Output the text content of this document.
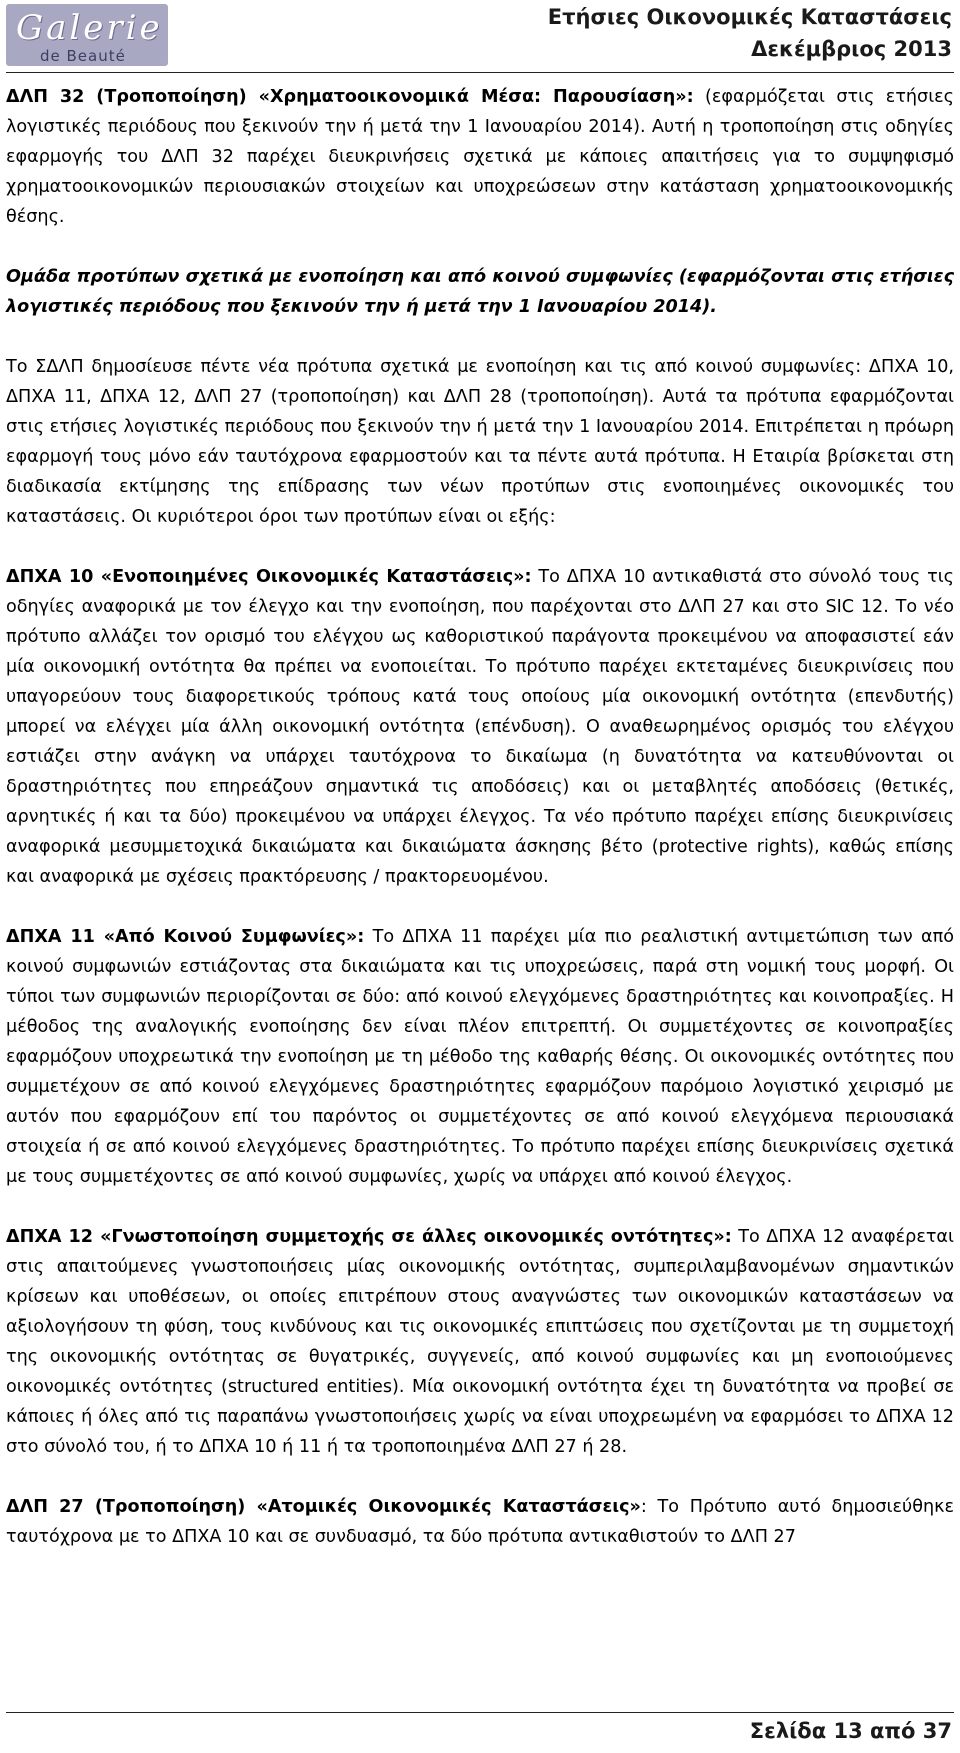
Galerie
de Beauté
Ετήσιες Οικονομικές Καταστάσεις
Δεκέμβριος 2013

ΔΛΠ 32 (Τροποποίηση) «Χρηματοοικονομικά Μέσα: Παρουσίαση»: (εφαρμόζεται στις ετήσιες λογιστικές περιόδους που ξεκινούν την ή μετά την 1 Ιανουαρίου 2014). Αυτή η τροποποίηση στις οδηγίες εφαρμογής του ΔΛΠ 32 παρέχει διευκρινήσεις σχετικά με κάποιες απαιτήσεις για το συμψηφισμό χρηματοοικονομικών περιουσιακών στοιχείων και υποχρεώσεων στην κατάσταση χρηματοοικονομικής θέσης.

Ομάδα προτύπων σχετικά με ενοποίηση και από κοινού συμφωνίες (εφαρμόζονται στις ετήσιες λογιστικές περιόδους που ξεκινούν την ή μετά την 1 Ιανουαρίου 2014).

Το ΣΔΛΠ δημοσίευσε πέντε νέα πρότυπα σχετικά με ενοποίηση και τις από κοινού συμφωνίες: ΔΠΧΑ 10, ΔΠΧΑ 11, ΔΠΧΑ 12, ΔΛΠ 27 (τροποποίηση) και ΔΛΠ 28 (τροποποίηση). Αυτά τα πρότυπα εφαρμόζονται στις ετήσιες λογιστικές περιόδους που ξεκινούν την ή μετά την 1 Ιανουαρίου 2014. Επιτρέπεται η πρόωρη εφαρμογή τους μόνο εάν ταυτόχρονα εφαρμοστούν και τα πέντε αυτά πρότυπα. Η Εταιρία βρίσκεται στη διαδικασία εκτίμησης της επίδρασης των νέων προτύπων στις ενοποιημένες οικονομικές του καταστάσεις. Οι κυριότεροι όροι των προτύπων είναι οι εξής:

ΔΠΧΑ 10 «Ενοποιημένες Οικονομικές Καταστάσεις»: Το ΔΠΧΑ 10 αντικαθιστά στο σύνολό τους τις οδηγίες αναφορικά με τον έλεγχο και την ενοποίηση, που παρέχονται στο ΔΛΠ 27 και στο SIC 12. Το νέο πρότυπο αλλάζει τον ορισμό του ελέγχου ως καθοριστικού παράγοντα προκειμένου να αποφασιστεί εάν μία οικονομική οντότητα θα πρέπει να ενοποιείται. Το πρότυπο παρέχει εκτεταμένες διευκρινίσεις που υπαγορεύουν τους διαφορετικούς τρόπους κατά τους οποίους μία οικονομική οντότητα (επενδυτής) μπορεί να ελέγχει μία άλλη οικονομική οντότητα (επένδυση). Ο αναθεωρημένος ορισμός του ελέγχου εστιάζει στην ανάγκη να υπάρχει ταυτόχρονα το δικαίωμα (η δυνατότητα να κατευθύνονται οι δραστηριότητες που επηρεάζουν σημαντικά τις αποδόσεις) και οι μεταβλητές αποδόσεις (θετικές, αρνητικές ή και τα δύο) προκειμένου να υπάρχει έλεγχος. Τα νέο πρότυπο παρέχει επίσης διευκρινίσεις αναφορικά μεσυμμετοχικά δικαιώματα και δικαιώματα άσκησης βέτο (protective rights), καθώς επίσης και αναφορικά με σχέσεις πρακτόρευσης / πρακτορευομένου.

ΔΠΧΑ 11 «Από Κοινού Συμφωνίες»: Το ΔΠΧΑ 11 παρέχει μία πιο ρεαλιστική αντιμετώπιση των από κοινού συμφωνιών εστιάζοντας στα δικαιώματα και τις υποχρεώσεις, παρά στη νομική τους μορφή. Οι τύποι των συμφωνιών περιορίζονται σε δύο: από κοινού ελεγχόμενες δραστηριότητες και κοινοπραξίες. Η μέθοδος της αναλογικής ενοποίησης δεν είναι πλέον επιτρεπτή. Οι συμμετέχοντες σε κοινοπραξίες εφαρμόζουν υποχρεωτικά την ενοποίηση με τη μέθοδο της καθαρής θέσης. Οι οικονομικές οντότητες που συμμετέχουν σε από κοινού ελεγχόμενες δραστηριότητες εφαρμόζουν παρόμοιο λογιστικό χειρισμό με αυτόν που εφαρμόζουν επί του παρόντος οι συμμετέχοντες σε από κοινού ελεγχόμενα περιουσιακά στοιχεία ή σε από κοινού ελεγχόμενες δραστηριότητες. Το πρότυπο παρέχει επίσης διευκρινίσεις σχετικά με τους συμμετέχοντες σε από κοινού συμφωνίες, χωρίς να υπάρχει από κοινού έλεγχος.

ΔΠΧΑ 12 «Γνωστοποίηση συμμετοχής σε άλλες οικονομικές οντότητες»: Το ΔΠΧΑ 12 αναφέρεται στις απαιτούμενες γνωστοποιήσεις μίας οικονομικής οντότητας, συμπεριλαμβανομένων σημαντικών κρίσεων και υποθέσεων, οι οποίες επιτρέπουν στους αναγνώστες των οικονομικών καταστάσεων να αξιολογήσουν τη φύση, τους κινδύνους και τις οικονομικές επιπτώσεις που σχετίζονται με τη συμμετοχή της οικονομικής οντότητας σε θυγατρικές, συγγενείς, από κοινού συμφωνίες και μη ενοποιούμενες οικονομικές οντότητες (structured entities). Μία οικονομική οντότητα έχει τη δυνατότητα να προβεί σε κάποιες ή όλες από τις παραπάνω γνωστοποιήσεις χωρίς να είναι υποχρεωμένη να εφαρμόσει το ΔΠΧΑ 12 στο σύνολό του, ή το ΔΠΧΑ 10 ή 11 ή τα τροποποιημένα ΔΛΠ 27 ή 28.

ΔΛΠ 27 (Τροποποίηση) «Ατομικές Οικονομικές Καταστάσεις»: Το Πρότυπο αυτό δημοσιεύθηκε ταυτόχρονα με το ΔΠΧΑ 10 και σε συνδυασμό, τα δύο πρότυπα αντικαθιστούν το ΔΛΠ 27

Σελίδα 13 από 37
